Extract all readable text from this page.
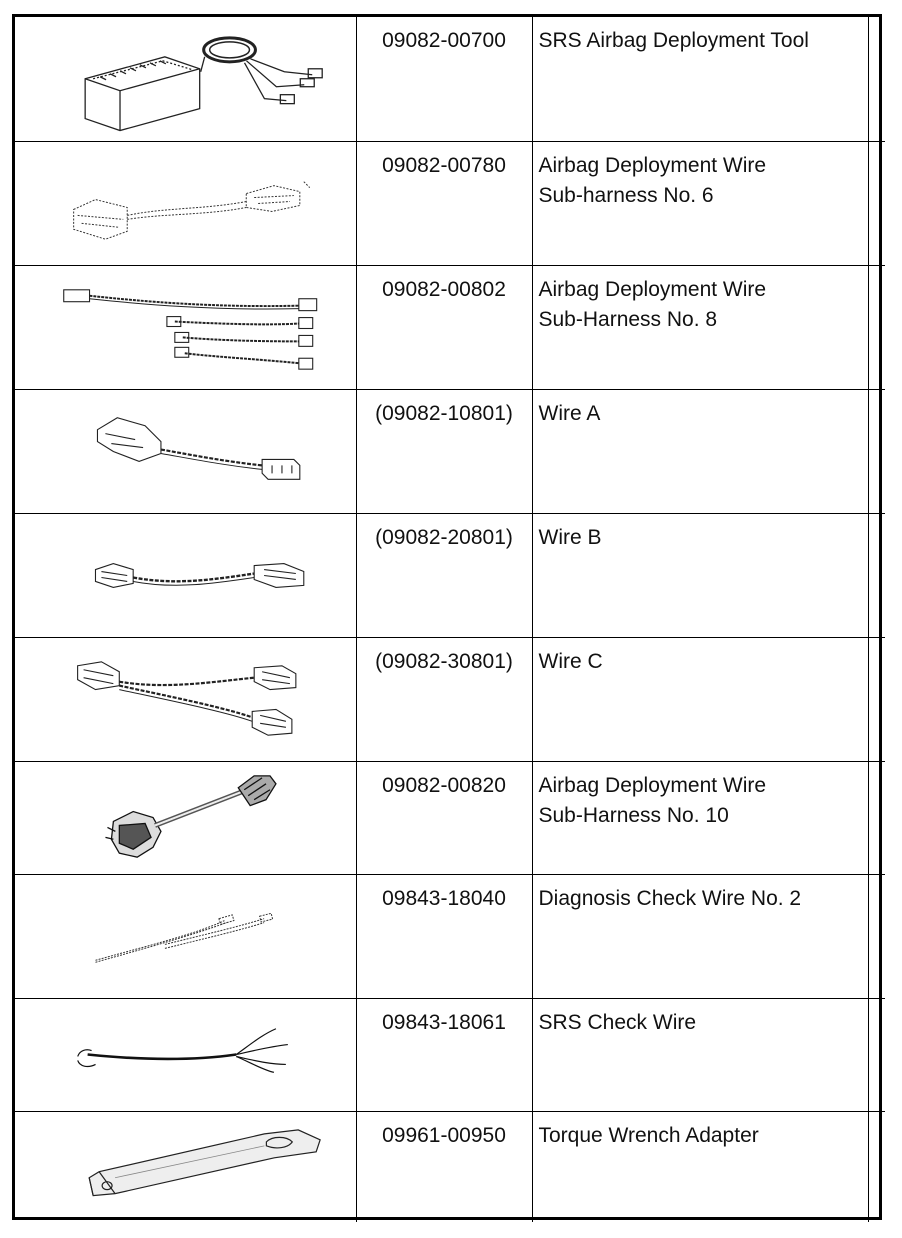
	09082-00700	SRS Airbag Deployment Tool	

	09082-00780	Airbag Deployment Wire
Sub-harness No. 6	

	09082-00802	Airbag Deployment Wire
Sub-Harness No. 8	

	(09082-10801)	Wire A	

	(09082-20801)	Wire B	

	(09082-30801)	Wire C	

	09082-00820	Airbag Deployment Wire
Sub-Harness No. 10	

	09843-18040	Diagnosis Check Wire No. 2	

	09843-18061	SRS Check Wire	

	09961-00950	Torque Wrench Adapter	
